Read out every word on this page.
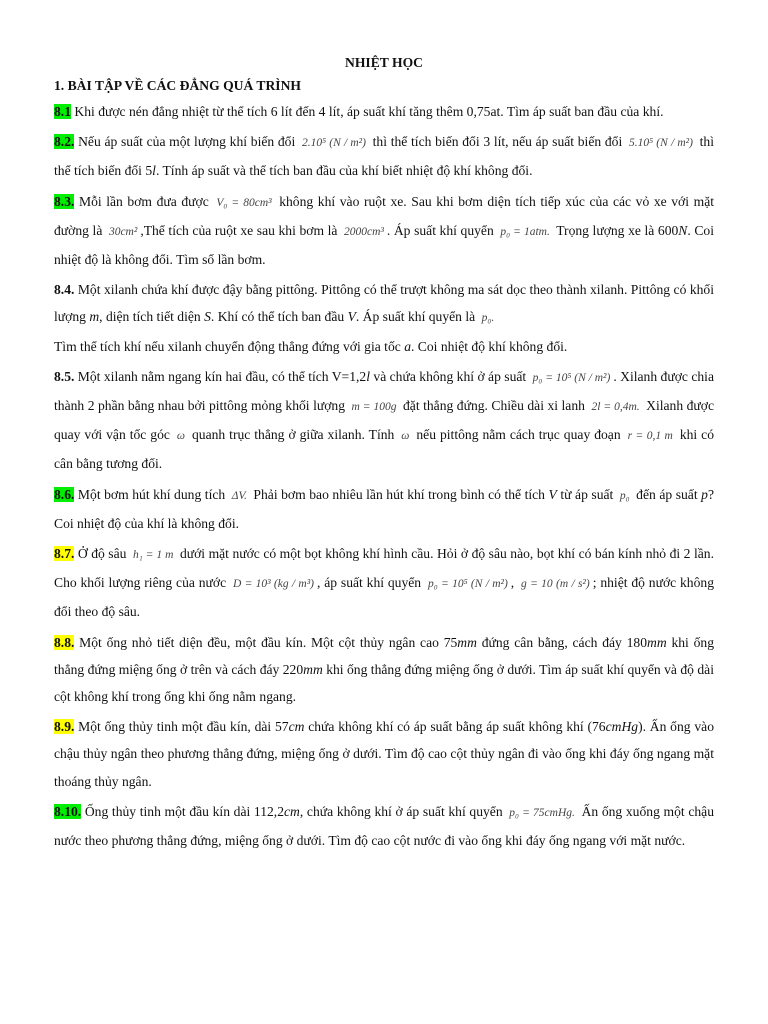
NHIỆT HỌC
1. BÀI TẬP VỀ CÁC ĐẲNG QUÁ TRÌNH

8.1 Khi được nén đẳng nhiệt từ thể tích 6 lít đến 4 lít, áp suất khí tăng thêm 0,75at. Tìm áp suất ban đầu của khí.

8.2. Nếu áp suất của một lượng khí biến đổi 2.10⁵ (N / m²) thì thể tích biến đổi 3 lít, nếu áp suất biến đổi 5.10⁵ (N / m²) thì thể tích biến đổi 5l. Tính áp suất và thể tích ban đầu của khí biết nhiệt độ khí không đổi.

8.3. Mỗi lần bơm đưa được V₀ = 80cm³ không khí vào ruột xe. Sau khi bơm diện tích tiếp xúc của các vỏ xe với mặt đường là 30cm² ,Thể tích của ruột xe sau khi bơm là 2000cm³ . Áp suất khí quyển p₀ = 1atm. Trọng lượng xe là 600N. Coi nhiệt độ là không đổi. Tìm số lần bơm.

8.4. Một xilanh chứa khí được đậy bằng pittông. Pittông có thể trượt không ma sát dọc theo thành xilanh. Pittông có khối lượng m, diện tích tiết diện S. Khí có thể tích ban đầu V. Áp suất khí quyển là p₀.
Tìm thể tích khí nếu xilanh chuyển động thẳng đứng với gia tốc a. Coi nhiệt độ khí không đổi.

8.5. Một xilanh nằm ngang kín hai đầu, có thể tích V=1,2l và chứa không khí ở áp suất p₀ = 10⁵ (N / m²) . Xilanh được chia thành 2 phần bằng nhau bởi pittông mỏng khối lượng m = 100g đặt thẳng đứng. Chiều dài xi lanh 2l = 0,4m. Xilanh được quay với vận tốc góc ω quanh trục thẳng ở giữa xilanh. Tính ω nếu pittông nằm cách trục quay đoạn r = 0,1 m khi có cân bằng tương đối.

8.6. Một bơm hút khí dung tích ΔV. Phải bơm bao nhiêu lần hút khí trong bình có thể tích V từ áp suất p₀ đến áp suất p? Coi nhiệt độ của khí là không đổi.

8.7. Ở độ sâu h₁ = 1 m dưới mặt nước có một bọt không khí hình cầu. Hỏi ở độ sâu nào, bọt khí có bán kính nhỏ đi 2 lần. Cho khối lượng riêng của nước D = 10³ (kg / m³) , áp suất khí quyển p₀ = 10⁵ (N / m²) , g = 10 (m / s²) ; nhiệt độ nước không đổi theo độ sâu.

8.8. Một ống nhỏ tiết diện đều, một đầu kín. Một cột thủy ngân cao 75mm đứng cân bằng, cách đáy 180mm khi ống thẳng đứng miệng ống ở trên và cách đáy 220mm khi ống thẳng đứng miệng ống ở dưới. Tìm áp suất khí quyển và độ dài cột không khí trong ống khi ống nằm ngang.

8.9. Một ống thủy tinh một đầu kín, dài 57cm chứa không khí có áp suất bằng áp suất không khí (76cmHg). Ấn ống vào chậu thủy ngân theo phương thẳng đứng, miệng ống ở dưới. Tìm độ cao cột thủy ngân đi vào ống khi đáy ống ngang mặt thoáng thủy ngân.

8.10. Ống thủy tinh một đầu kín dài 112,2cm, chứa không khí ở áp suất khí quyển p₀ = 75cmHg. Ấn ống xuống một chậu nước theo phương thẳng đứng, miệng ống ở dưới. Tìm độ cao cột nước đi vào ống khi đáy ống ngang với mặt nước.
